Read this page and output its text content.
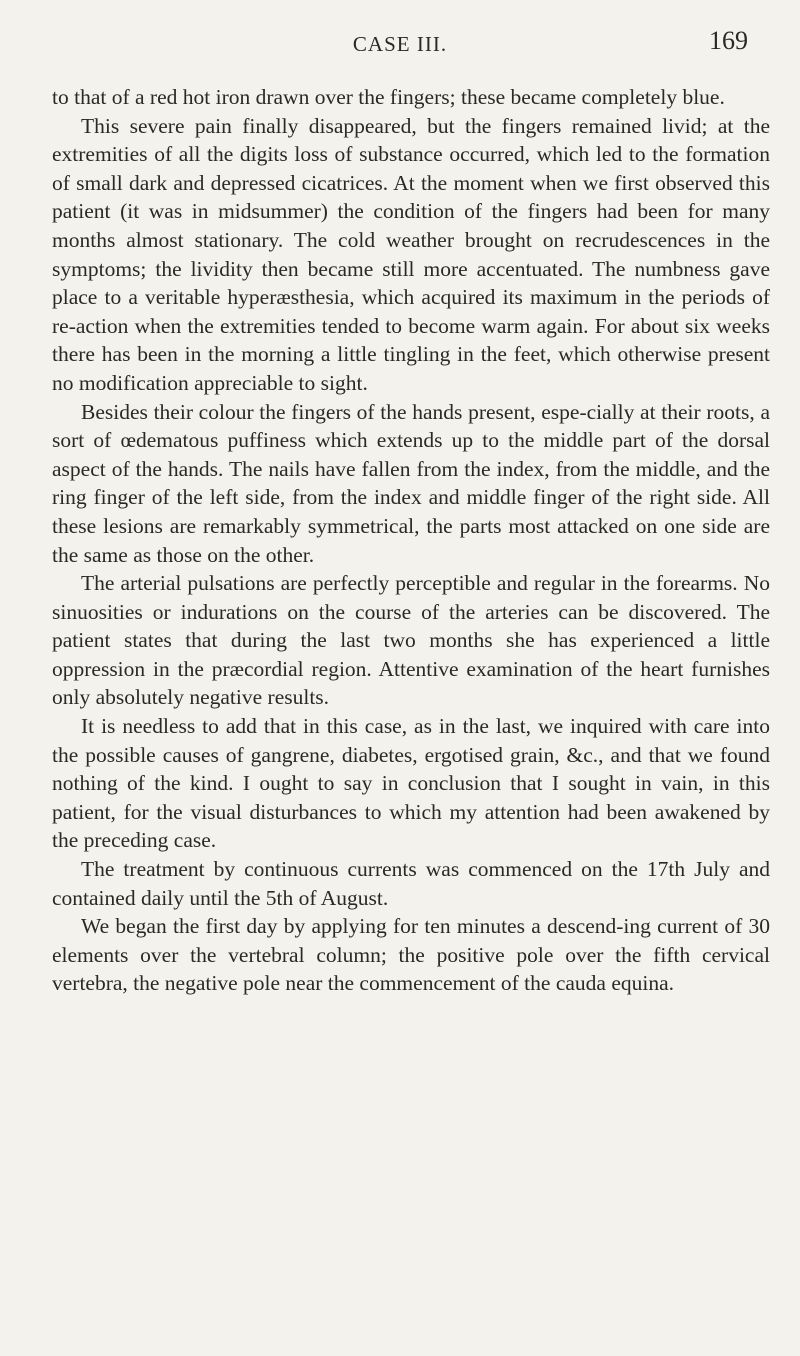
CASE III.	169

to that of a red hot iron drawn over the fingers; these became completely blue.

This severe pain finally disappeared, but the fingers remained livid; at the extremities of all the digits loss of substance occurred, which led to the formation of small dark and depressed cicatrices. At the moment when we first observed this patient (it was in midsummer) the condition of the fingers had been for many months almost stationary. The cold weather brought on recrudescences in the symptoms; the lividity then became still more accentuated. The numbness gave place to a veritable hyperæsthesia, which acquired its maximum in the periods of re-action when the extremities tended to become warm again. For about six weeks there has been in the morning a little tingling in the feet, which otherwise present no modification appreciable to sight.

Besides their colour the fingers of the hands present, espe-cially at their roots, a sort of œdematous puffiness which extends up to the middle part of the dorsal aspect of the hands. The nails have fallen from the index, from the middle, and the ring finger of the left side, from the index and middle finger of the right side. All these lesions are remarkably symmetrical, the parts most attacked on one side are the same as those on the other.

The arterial pulsations are perfectly perceptible and regular in the forearms. No sinuosities or indurations on the course of the arteries can be discovered. The patient states that during the last two months she has experienced a little oppression in the præcordial region. Attentive examination of the heart furnishes only absolutely negative results.

It is needless to add that in this case, as in the last, we inquired with care into the possible causes of gangrene, diabetes, ergotised grain, &c., and that we found nothing of the kind. I ought to say in conclusion that I sought in vain, in this patient, for the visual disturbances to which my attention had been awakened by the preceding case.

The treatment by continuous currents was commenced on the 17th July and contained daily until the 5th of August.

We began the first day by applying for ten minutes a descend-ing current of 30 elements over the vertebral column; the positive pole over the fifth cervical vertebra, the negative pole near the commencement of the cauda equina.
